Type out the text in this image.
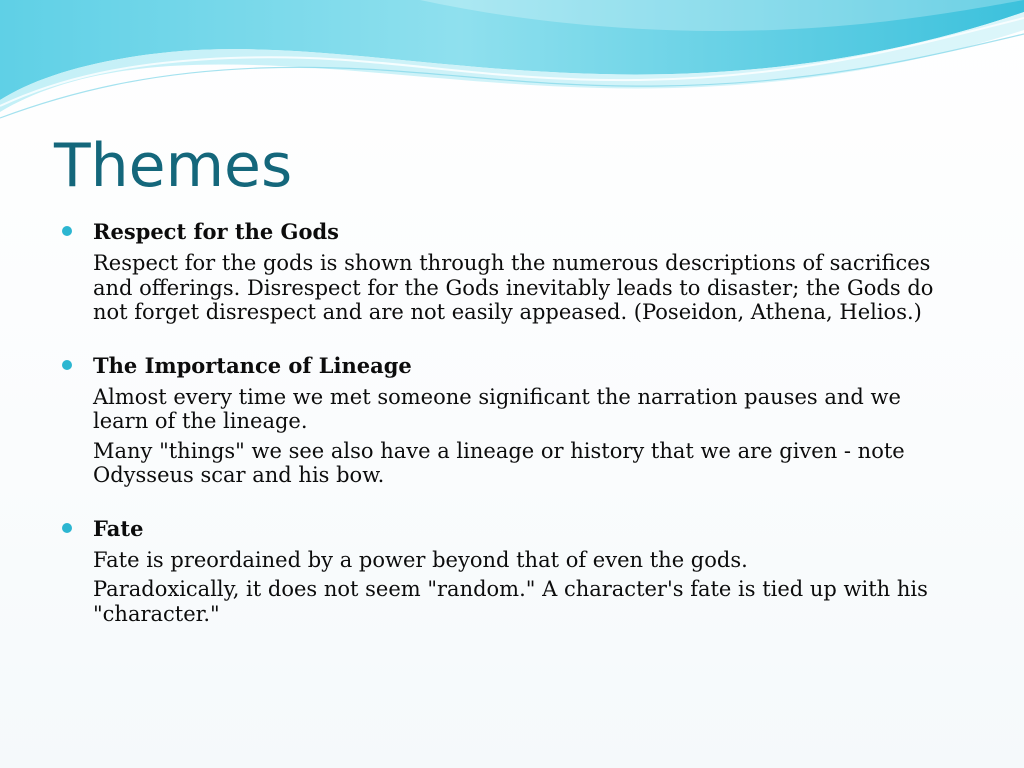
Themes
Respect for the Gods
Respect for the gods is shown through the numerous descriptions of sacrifices and offerings. Disrespect for the Gods inevitably leads to disaster; the Gods do not forget disrespect and are not easily appeased. (Poseidon, Athena, Helios.)
The Importance of Lineage
Almost every time we met someone significant the narration pauses and we learn of the lineage.
Many "things" we see also have a lineage or history that we are given - note Odysseus scar and his bow.
Fate
Fate is preordained by a power beyond that of even the gods.
Paradoxically, it does not seem "random." A character's fate is tied up with his "character."
